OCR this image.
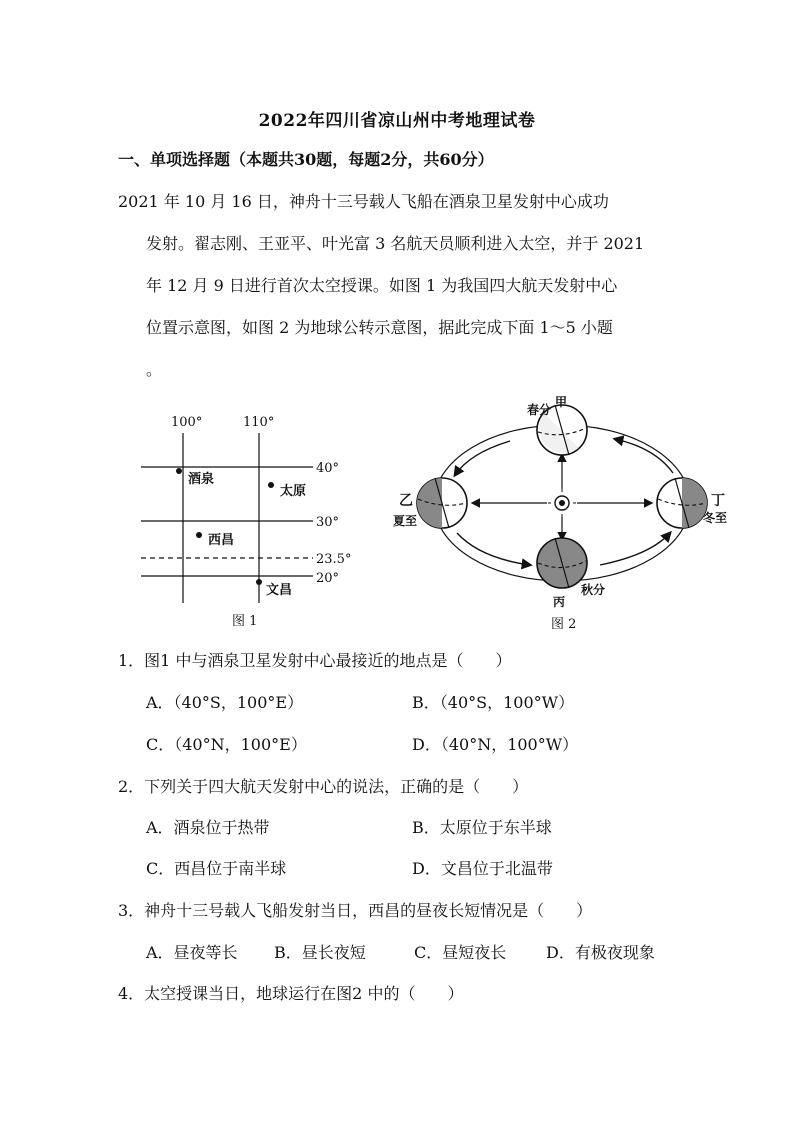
2022年四川省凉山州中考地理试卷
一、单项选择题（本题共30题，每题2分，共60分）
2021 年 10 月 16 日，神舟十三号载人飞船在酒泉卫星发射中心成功
发射。翟志刚、王亚平、叶光富 3 名航天员顺利进入太空，并于 2021
年 12 月 9 日进行首次太空授课。如图 1 为我国四大航天发射中心
位置示意图，如图 2 为地球公转示意图，据此完成下面 1～5 小题
。
100°	110°
40°
30°
23.5°
20°
酒泉
太原
西昌
文昌
图 1
春分
甲
乙
夏至
丙
秋分
丁
冬至
图 2
1．图1 中与酒泉卫星发射中心最接近的地点是（　　）
A．（40°S，100°E）	B．（40°S，100°W）
C．（40°N，100°E）	D．（40°N，100°W）
2．下列关于四大航天发射中心的说法，正确的是（　　）
A．酒泉位于热带	B．太原位于东半球
C．西昌位于南半球	D．文昌位于北温带
3．神舟十三号载人飞船发射当日，西昌的昼夜长短情况是（　　）
A．昼夜等长 B．昼长夜短	C．昼短夜长 D．有极夜现象
4．太空授课当日，地球运行在图2 中的（　　）
